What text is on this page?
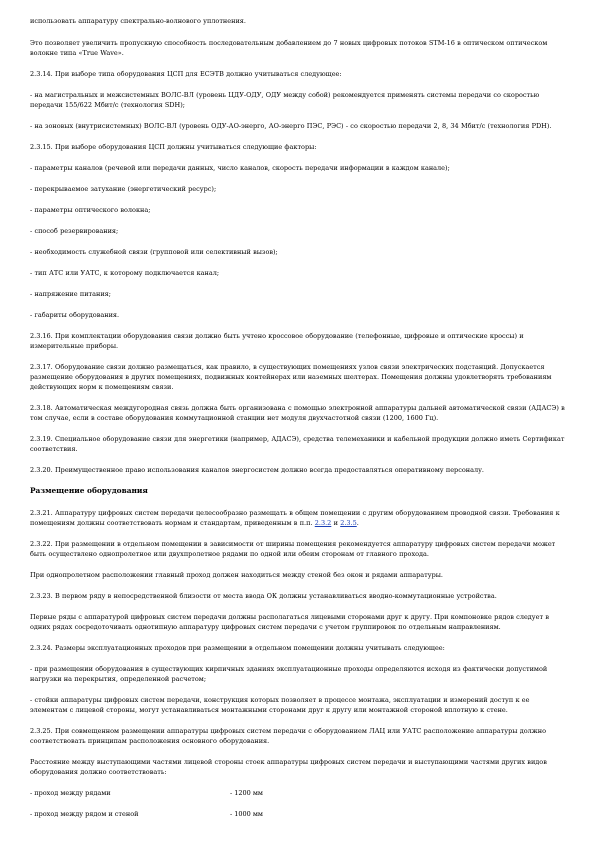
использовать аппаратуру спектрально-волнового уплотнения.

Это позволяет увеличить пропускную способность последовательным добавлением до 7 новых цифровых потоков STM-16 в оптическом оптическом волокне типа «True Wave».

2.3.14. При выборе типа оборудования ЦСП для ЕСЭТВ должно учитываться следующее:

- на магистральных и межсистемных ВОЛС-ВЛ (уровень ЦДУ-ОДУ, ОДУ между собой) рекомендуется применять системы передачи со скоростью передачи 155/622 Мбит/с (технология SDH);

- на зоновых (внутрисистемных) ВОЛС-ВЛ (уровень ОДУ-АО-энерго, АО-энерго ПЭС, РЭС) - со скоростью передачи 2, 8, 34 Мбит/с (технология PDH).

2.3.15. При выборе оборудования ЦСП должны учитываться следующие факторы:

- параметры каналов (речевой или передачи данных, число каналов, скорость передачи информации в каждом канале);

- перекрываемое затухание (энергетический ресурс);

- параметры оптического волокна;

- способ резервирования;

- необходимость служебной связи (групповой или селективный вызов);

- тип АТС или УАТС, к которому подключается канал;

- напряжение питания;

- габариты оборудования.

2.3.16. При комплектации оборудования связи должно быть учтено кроссовое оборудование (телефонные, цифровые и оптические кроссы) и измерительные приборы.

2.3.17. Оборудование связи должно размещаться, как правило, в существующих помещениях узлов связи электрических подстанций. Допускается размещение оборудования в других помещениях, подвижных контейнерах или наземных шелтерах. Помещения должны удовлетворять требованиям действующих норм к помещениям связи.

2.3.18. Автоматическая междугородная связь должна быть организована с помощью электронной аппаратуры дальней автоматической связи (АДАСЭ) в том случае, если в составе оборудования коммутационной станции нет модуля двухчастотной связи (1200, 1600 Гц).

2.3.19. Специальное оборудование связи для энергетики (например, АДАСЭ), средства телемеханики и кабельной продукции должно иметь Сертификат соответствия.

2.3.20. Преимущественное право использования каналов энергосистем должно всегда предоставляться оперативному персоналу.

Размещение оборудования

2.3.21. Аппаратуру цифровых систем передачи целесообразно размещать в общем помещении с другим оборудованием проводной связи. Требования к помещениям должны соответствовать нормам и стандартам, приведенным в п.п. 2.3.2 и 2.3.5.

2.3.22. При размещении в отдельном помещении в зависимости от ширины помещения рекомендуется аппаратуру цифровых систем передачи может быть осуществлено однопролетное или двухпролетное рядами по одной или обеим сторонам от главного прохода.

При однопролетном расположении главный проход должен находиться между стеной без окон и рядами аппаратуры.

2.3.23. В первом ряду в непосредственной близости от места ввода ОК должны устанавливаться вводно-коммутационные устройства.

Первые ряды с аппаратурой цифровых систем передачи должны располагаться лицевыми сторонами друг к другу. При компоновке рядов следует в одних рядах сосредоточивать однотипную аппаратуру цифровых систем передачи с учетом группировок по отдельным направлениям.

2.3.24. Размеры эксплуатационных проходов при размещении в отдельном помещении должны учитывать следующее:

- при размещении оборудования в существующих кирпичных зданиях эксплуатационные проходы определяются исходя из фактически допустимой нагрузки на перекрытия, определенной расчетом;

- стойки аппаратуры цифровых систем передачи, конструкция которых позволяет в процессе монтажа, эксплуатации и измерений доступ к ее элементам с лицевой стороны, могут устанавливаться монтажными сторонами друг к другу или монтажной стороной вплотную к стене.

2.3.25. При совмещенном размещении аппаратуры цифровых систем передачи с оборудованием ЛАЦ или УАТС расположение аппаратуры должно соответствовать принципам расположения основного оборудования.

Расстояние между выступающими частями лицевой стороны стоек аппаратуры цифровых систем передачи и выступающими частями других видов оборудования должно соответствовать:

- проход между рядами	- 1200 мм
- проход между рядом и стеной	- 1000 мм
